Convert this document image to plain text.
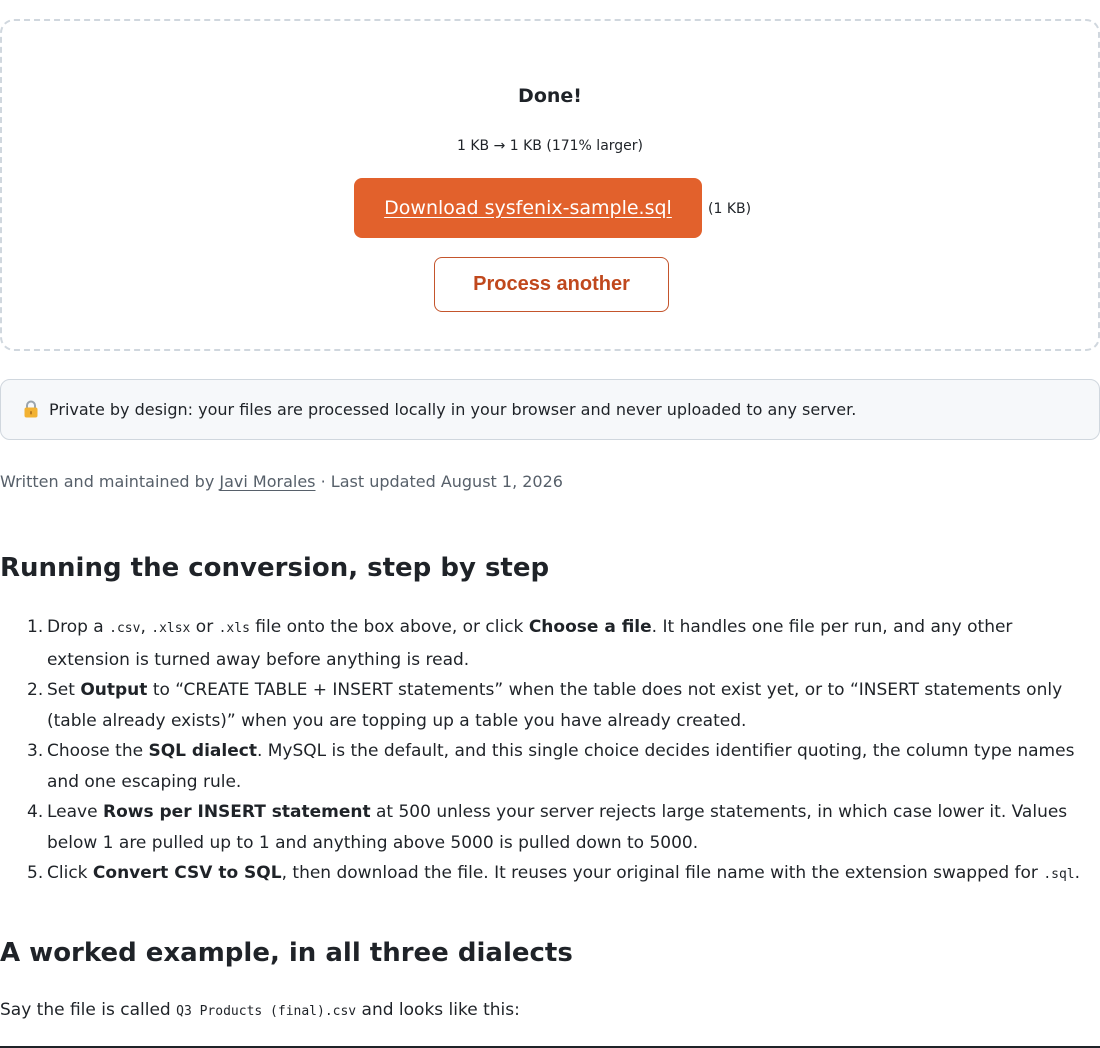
Done!
1 KB → 1 KB (171% larger)
Download sysfenix-sample.sql	(1 KB)
Process another
Private by design: your files are processed locally in your browser and never uploaded to any server.
Written and maintained by Javi Morales · Last updated August 1, 2026
Running the conversion, step by step
1. Drop a .csv, .xlsx or .xls file onto the box above, or click Choose a file. It handles one file per run, and any other extension is turned away before anything is read.
2. Set Output to “CREATE TABLE + INSERT statements” when the table does not exist yet, or to “INSERT statements only (table already exists)” when you are topping up a table you have already created.
3. Choose the SQL dialect. MySQL is the default, and this single choice decides identifier quoting, the column type names and one escaping rule.
4. Leave Rows per INSERT statement at 500 unless your server rejects large statements, in which case lower it. Values below 1 are pulled up to 1 and anything above 5000 is pulled down to 5000.
5. Click Convert CSV to SQL, then download the file. It reuses your original file name with the extension swapped for .sql.
A worked example, in all three dialects
Say the file is called Q3 Products (final).csv and looks like this:
